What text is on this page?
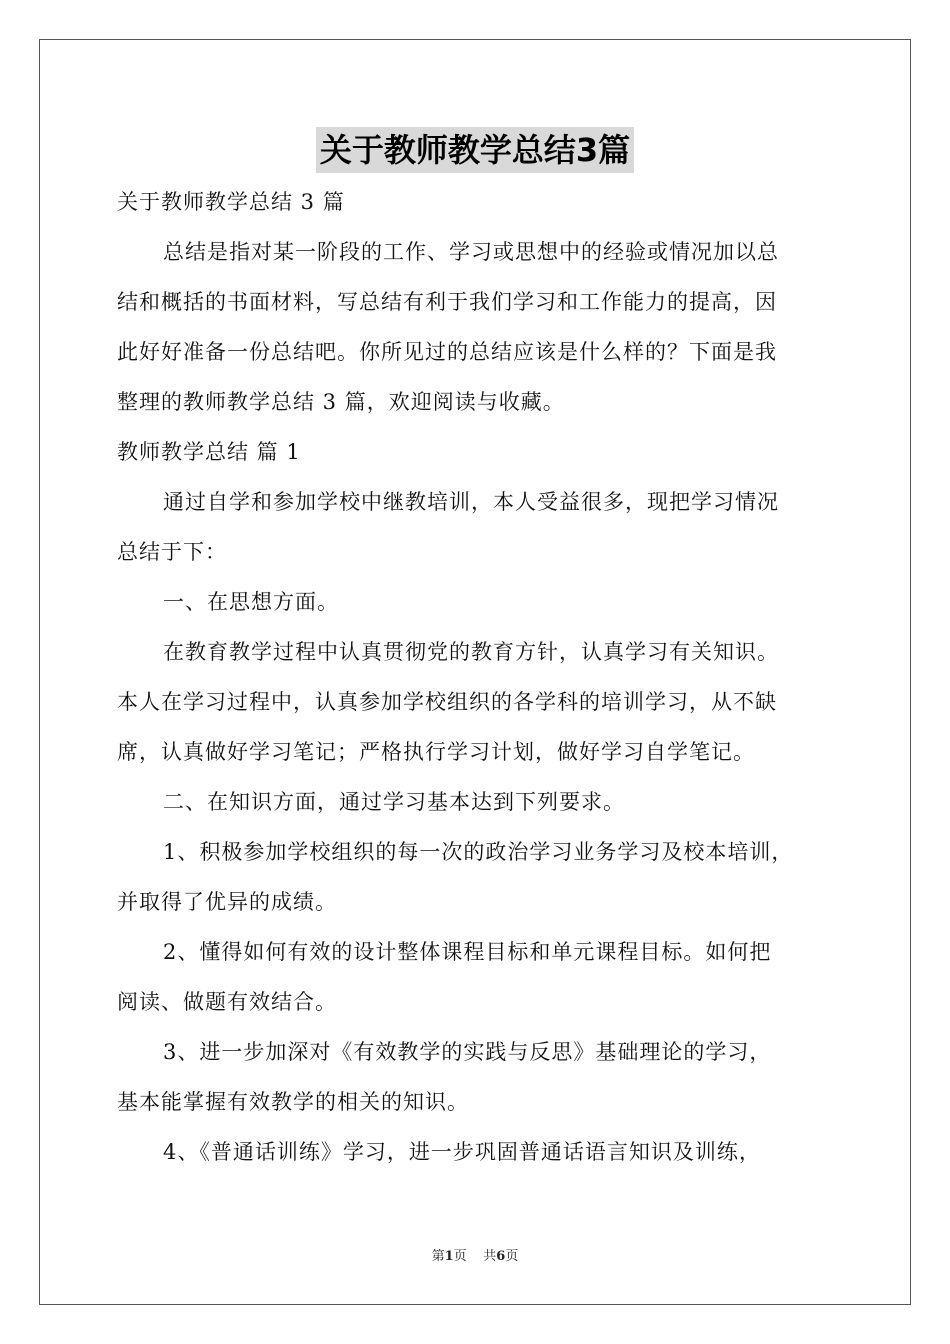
关于教师教学总结3篇

关于教师教学总结 3 篇

总结是指对某一阶段的工作、学习或思想中的经验或情况加以总

结和概括的书面材料，写总结有利于我们学习和工作能力的提高，因

此好好准备一份总结吧。你所见过的总结应该是什么样的？下面是我

整理的教师教学总结 3 篇，欢迎阅读与收藏。

教师教学总结 篇 1

通过自学和参加学校中继教培训，本人受益很多，现把学习情况

总结于下：

一、在思想方面。

在教育教学过程中认真贯彻党的教育方针，认真学习有关知识。

本人在学习过程中，认真参加学校组织的各学科的培训学习，从不缺

席，认真做好学习笔记；严格执行学习计划，做好学习自学笔记。

二、在知识方面，通过学习基本达到下列要求。

1、积极参加学校组织的每一次的政治学习业务学习及校本培训，

并取得了优异的成绩。

2、懂得如何有效的设计整体课程目标和单元课程目标。如何把

阅读、做题有效结合。

3、进一步加深对《有效教学的实践与反思》基础理论的学习，

基本能掌握有效教学的相关的知识。

4、《普通话训练》学习，进一步巩固普通话语言知识及训练，

第1页 共6页
